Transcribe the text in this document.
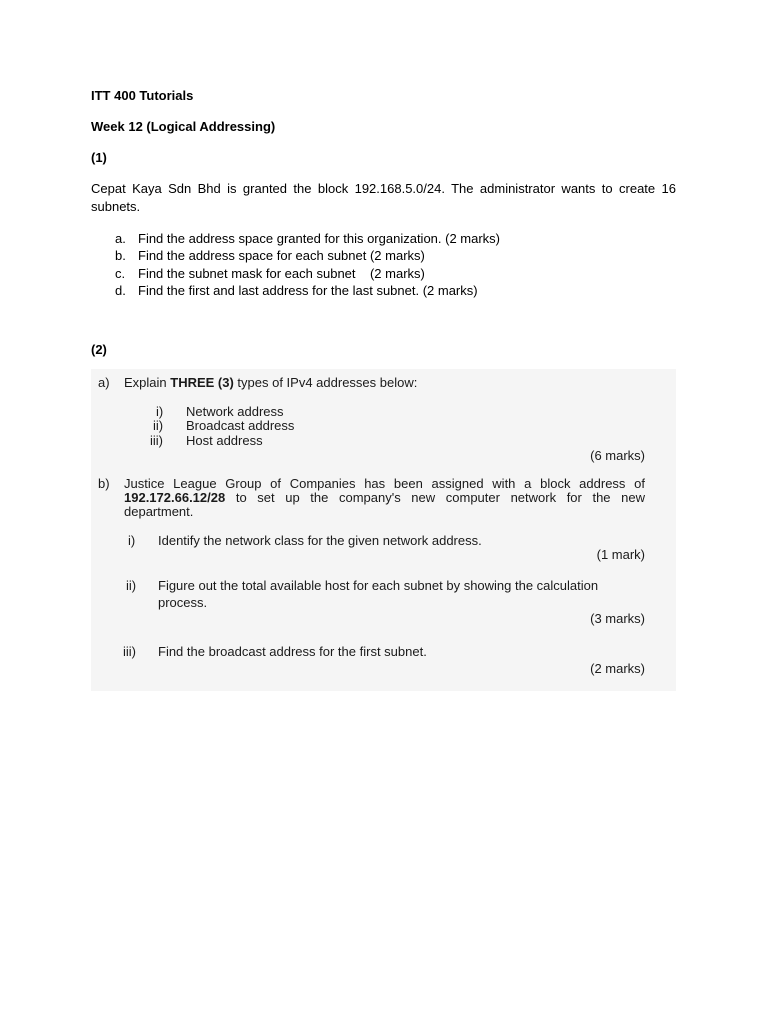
ITT 400 Tutorials
Week 12 (Logical Addressing)
(1)
Cepat Kaya Sdn Bhd is granted the block 192.168.5.0/24. The administrator wants to create 16
subnets.
a. Find the address space granted for this organization. (2 marks)
b. Find the address space for each subnet (2 marks)
c. Find the subnet mask for each subnet    (2 marks)
d. Find the first and last address for the last subnet. (2 marks)
(2)
a) Explain THREE (3) types of IPv4 addresses below:
i) Network address
ii) Broadcast address
iii) Host address
(6 marks)
b) Justice League Group of Companies has been assigned with a block address of
192.172.66.12/28 to set up the company's new computer network for the new
department.
i) Identify the network class for the given network address.
(1 mark)
ii) Figure out the total available host for each subnet by showing the calculation
process.
(3 marks)
iii) Find the broadcast address for the first subnet.
(2 marks)
